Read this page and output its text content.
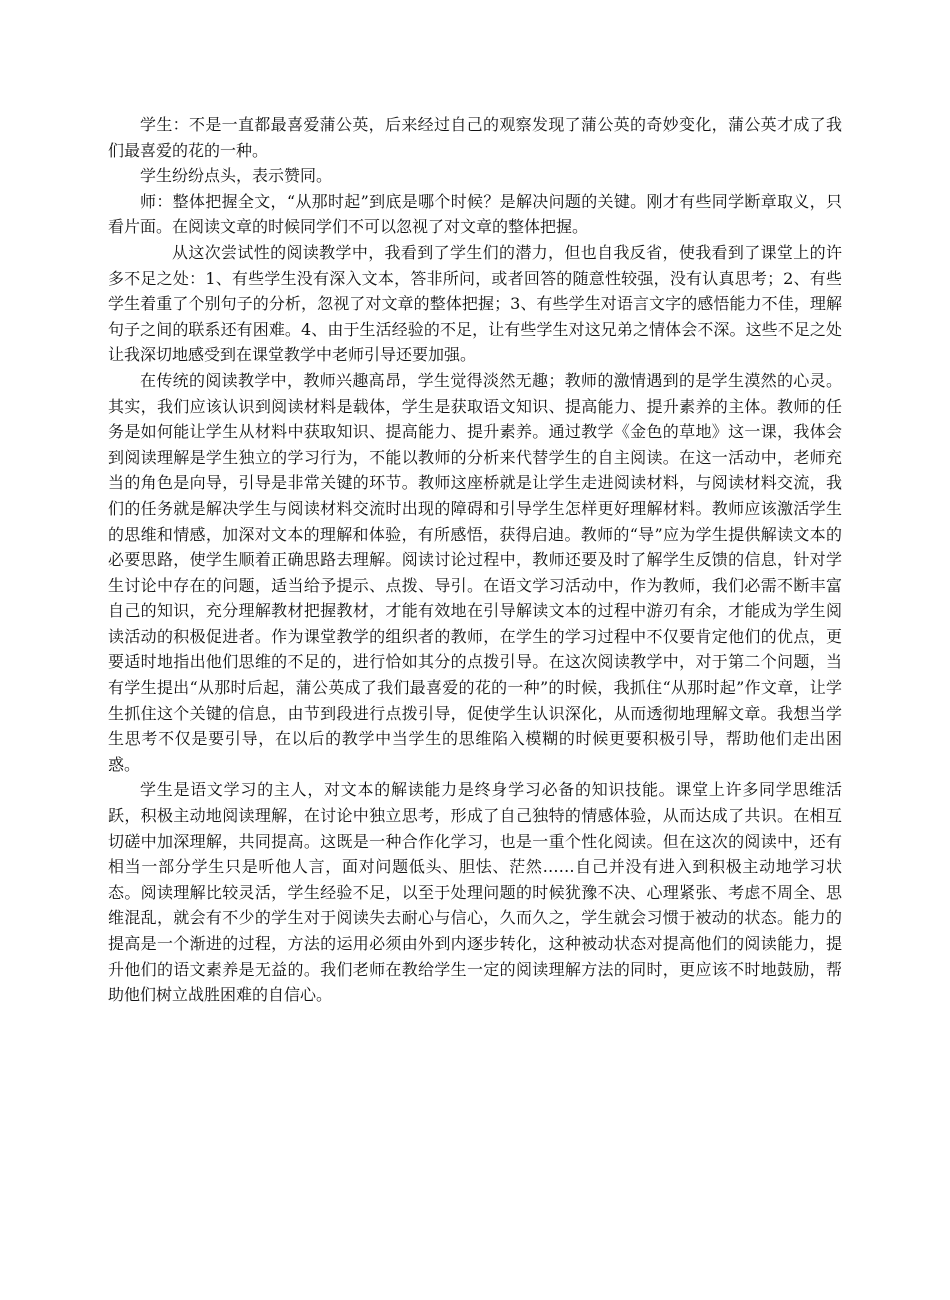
学生：不是一直都最喜爱蒲公英，后来经过自己的观察发现了蒲公英的奇妙变化，蒲公英才成了我们最喜爱的花的一种。

学生纷纷点头，表示赞同。

师：整体把握全文，“从那时起”到底是哪个时候？是解决问题的关键。刚才有些同学断章取义，只看片面。在阅读文章的时候同学们不可以忽视了对文章的整体把握。

从这次尝试性的阅读教学中，我看到了学生们的潜力，但也自我反省，使我看到了课堂上的许多不足之处：1、有些学生没有深入文本，答非所问，或者回答的随意性较强，没有认真思考；2、有些学生着重了个别句子的分析，忽视了对文章的整体把握；3、有些学生对语言文字的感悟能力不佳，理解句子之间的联系还有困难。4、由于生活经验的不足，让有些学生对这兄弟之情体会不深。这些不足之处让我深切地感受到在课堂教学中老师引导还要加强。

在传统的阅读教学中，教师兴趣高昂，学生觉得淡然无趣；教师的激情遇到的是学生漠然的心灵。其实，我们应该认识到阅读材料是载体，学生是获取语文知识、提高能力、提升素养的主体。教师的任务是如何能让学生从材料中获取知识、提高能力、提升素养。通过教学《金色的草地》这一课，我体会到阅读理解是学生独立的学习行为，不能以教师的分析来代替学生的自主阅读。在这一活动中，老师充当的角色是向导，引导是非常关键的环节。教师这座桥就是让学生走进阅读材料，与阅读材料交流，我们的任务就是解决学生与阅读材料交流时出现的障碍和引导学生怎样更好理解材料。教师应该激活学生的思维和情感，加深对文本的理解和体验，有所感悟，获得启迪。教师的“导”应为学生提供解读文本的必要思路，使学生顺着正确思路去理解。阅读讨论过程中，教师还要及时了解学生反馈的信息，针对学生讨论中存在的问题，适当给予提示、点拨、导引。在语文学习活动中，作为教师，我们必需不断丰富自己的知识，充分理解教材把握教材，才能有效地在引导解读文本的过程中游刃有余，才能成为学生阅读活动的积极促进者。作为课堂教学的组织者的教师，在学生的学习过程中不仅要肯定他们的优点，更要适时地指出他们思维的不足的，进行恰如其分的点拨引导。在这次阅读教学中，对于第二个问题，当有学生提出“从那时后起，蒲公英成了我们最喜爱的花的一种”的时候，我抓住“从那时起”作文章，让学生抓住这个关键的信息，由节到段进行点拨引导，促使学生认识深化，从而透彻地理解文章。我想当学生思考不仅是要引导，在以后的教学中当学生的思维陷入模糊的时候更要积极引导，帮助他们走出困惑。

学生是语文学习的主人，对文本的解读能力是终身学习必备的知识技能。课堂上许多同学思维活跃，积极主动地阅读理解，在讨论中独立思考，形成了自己独特的情感体验，从而达成了共识。在相互切磋中加深理解，共同提高。这既是一种合作化学习，也是一重个性化阅读。但在这次的阅读中，还有相当一部分学生只是听他人言，面对问题低头、胆怯、茫然……自己并没有进入到积极主动地学习状态。阅读理解比较灵活，学生经验不足，以至于处理问题的时候犹豫不决、心理紧张、考虑不周全、思维混乱，就会有不少的学生对于阅读失去耐心与信心，久而久之，学生就会习惯于被动的状态。能力的提高是一个渐进的过程，方法的运用必须由外到内逐步转化，这种被动状态对提高他们的阅读能力，提升他们的语文素养是无益的。我们老师在教给学生一定的阅读理解方法的同时，更应该不时地鼓励，帮助他们树立战胜困难的自信心。
